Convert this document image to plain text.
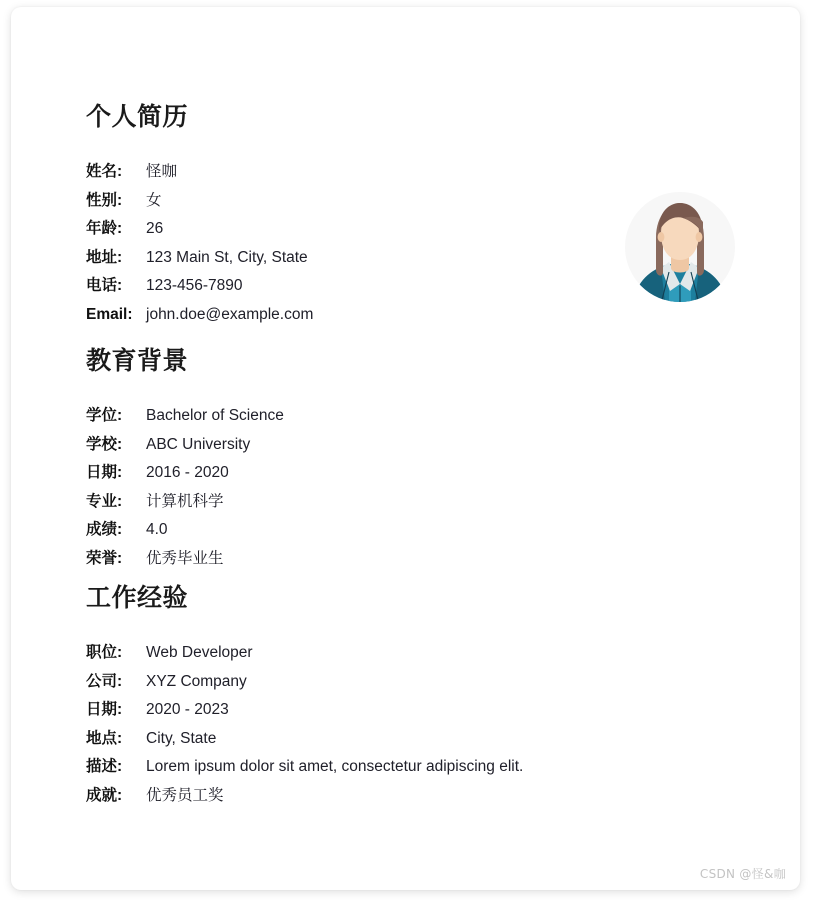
个人简历
姓名: 怪咖
性别: 女
年龄: 26
地址: 123 Main St, City, State
电话: 123-456-7890
Email: john.doe@example.com
教育背景
学位: Bachelor of Science
学校: ABC University
日期: 2016 - 2020
专业: 计算机科学
成绩: 4.0
荣誉: 优秀毕业生
工作经验
职位: Web Developer
公司: XYZ Company
日期: 2020 - 2023
地点: City, State
描述: Lorem ipsum dolor sit amet, consectetur adipiscing elit.
成就: 优秀员工奖
CSDN @怪&咖
